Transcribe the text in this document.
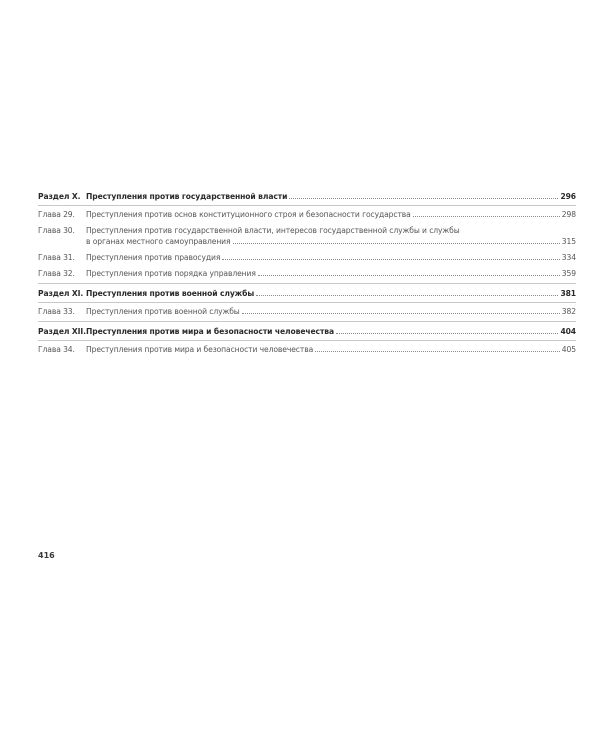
Раздел X. Преступления против государственной власти	296
Глава 29.	Преступления против основ конституционного строя и безопасности государства	298
Глава 30.	Преступления против государственной власти, интересов государственной службы и службы
в органах местного самоуправления	315
Глава 31.	Преступления против правосудия	334
Глава 32.	Преступления против порядка управления	359
Раздел XI. Преступления против военной службы	381
Глава 33.	Преступления против военной службы	382
Раздел XII. Преступления против мира и безопасности человечества	404
Глава 34.	Преступления против мира и безопасности человечества	405
416
